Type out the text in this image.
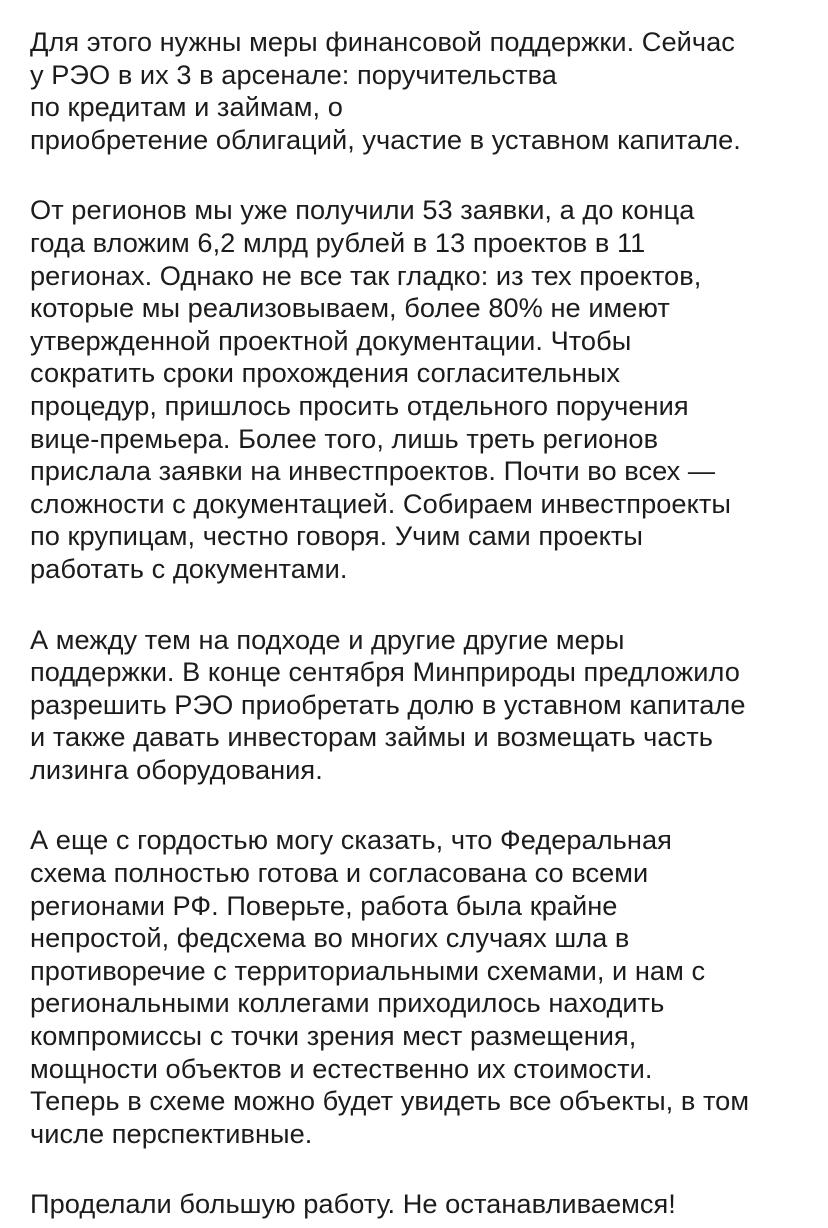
Для этого нужны меры финансовой поддержки. Сейчас
у РЭО в их 3 в арсенале: поручительства
по кредитам и займам, о
приобретение облигаций, участие в уставном капитале.

От регионов мы уже получили 53 заявки, а до конца
года вложим 6,2 млрд рублей в 13 проектов в 11
регионах. Однако не все так гладко: из тех проектов,
которые мы реализовываем, более 80% не имеют
утвержденной проектной документации. Чтобы
сократить сроки прохождения согласительных
процедур, пришлось просить отдельного поручения
вице-премьера. Более того, лишь треть регионов
прислала заявки на инвестпроектов. Почти во всех —
сложности с документацией. Собираем инвестпроекты
по крупицам, честно говоря. Учим сами проекты
работать с документами.

А между тем на подходе и другие другие меры
поддержки. В конце сентября Минприроды предложило
разрешить РЭО приобретать долю в уставном капитале
и также давать инвесторам займы и возмещать часть
лизинга оборудования.

А еще с гордостью могу сказать, что Федеральная
схема полностью готова и согласована со всеми
регионами РФ. Поверьте, работа была крайне
непростой, федсхема во многих случаях шла в
противоречие с территориальными схемами, и нам с
региональными коллегами приходилось находить
компромиссы с точки зрения мест размещения,
мощности объектов и естественно их стоимости.
Теперь в схеме можно будет увидеть все объекты, в том
числе перспективные.

Проделали большую работу. Не останавливаемся!
